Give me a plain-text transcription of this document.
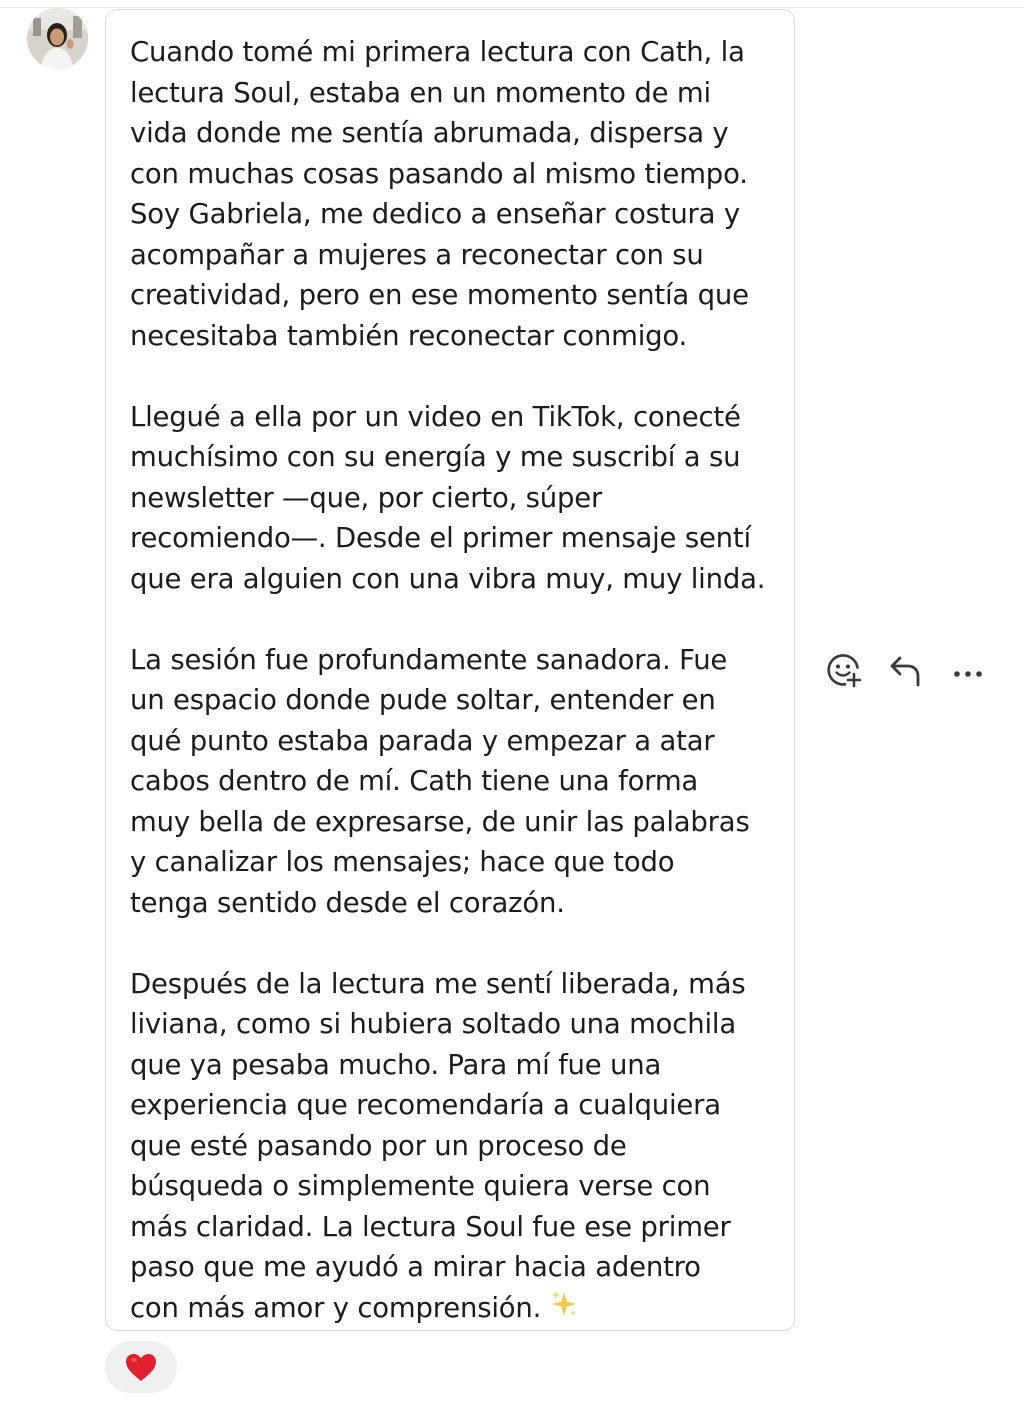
Cuando tomé mi primera lectura con Cath, la
lectura Soul, estaba en un momento de mi
vida donde me sentía abrumada, dispersa y
con muchas cosas pasando al mismo tiempo.
Soy Gabriela, me dedico a enseñar costura y
acompañar a mujeres a reconectar con su
creatividad, pero en ese momento sentía que
necesitaba también reconectar conmigo.

Llegué a ella por un video en TikTok, conecté
muchísimo con su energía y me suscribí a su
newsletter —que, por cierto, súper
recomiendo—. Desde el primer mensaje sentí
que era alguien con una vibra muy, muy linda.

La sesión fue profundamente sanadora. Fue
un espacio donde pude soltar, entender en
qué punto estaba parada y empezar a atar
cabos dentro de mí. Cath tiene una forma
muy bella de expresarse, de unir las palabras
y canalizar los mensajes; hace que todo
tenga sentido desde el corazón.

Después de la lectura me sentí liberada, más
liviana, como si hubiera soltado una mochila
que ya pesaba mucho. Para mí fue una
experiencia que recomendaría a cualquiera
que esté pasando por un proceso de
búsqueda o simplemente quiera verse con
más claridad. La lectura Soul fue ese primer
paso que me ayudó a mirar hacia adentro
con más amor y comprensión.
